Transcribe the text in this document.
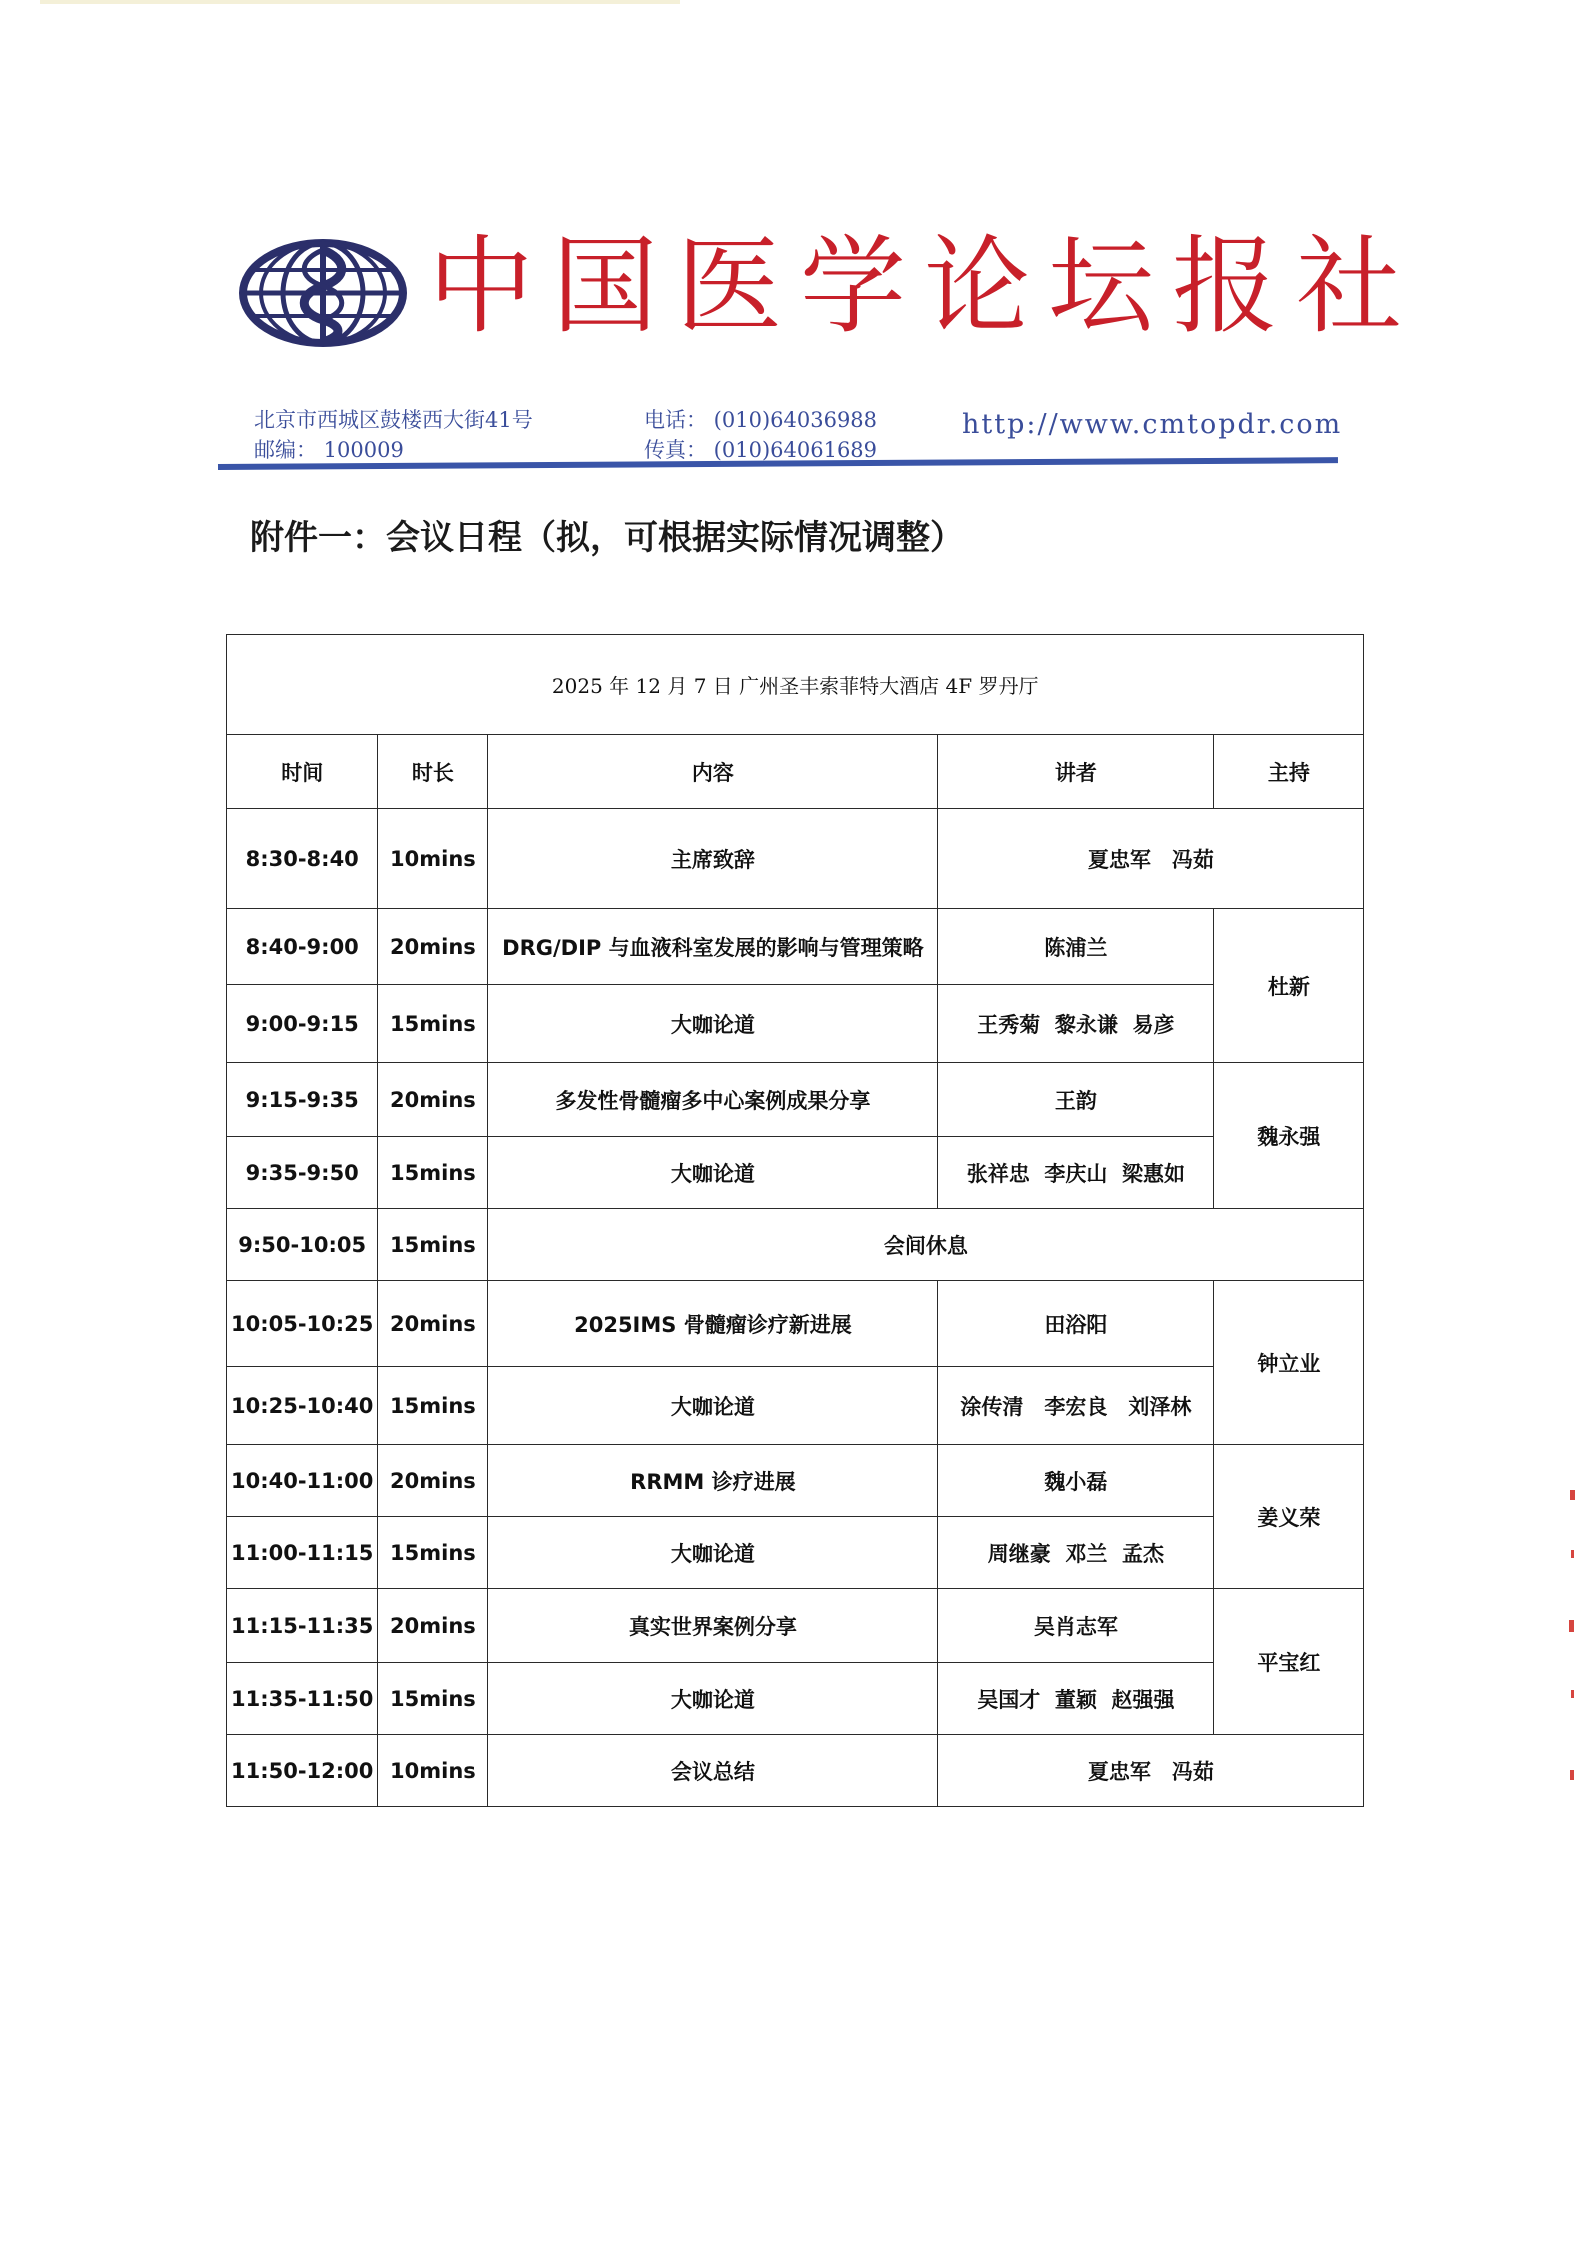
中国医学论坛报社
北京市西城区鼓楼西大街41号
邮编： 100009
电话： (010)64036988
传真： (010)64061689
http://www.cmtopdr.com
附件一：会议日程（拟，可根据实际情况调整）
2025 年 12 月 7 日 广州圣丰索菲特大酒店 4F 罗丹厅				
时间	时长	内容	讲者	主持
8:30-8:40	10mins	主席致辞	夏忠军　冯茹	
8:40-9:00	20mins	DRG/DIP 与血液科室发展的影响与管理策略	陈浦兰	杜新
9:00-9:15	15mins	大咖论道	王秀菊  黎永谦  易彦	
9:15-9:35	20mins	多发性骨髓瘤多中心案例成果分享	王韵	魏永强
9:35-9:50	15mins	大咖论道	张祥忠  李庆山  梁惠如	
9:50-10:05	15mins	会间休息		
10:05-10:25	20mins	2025IMS 骨髓瘤诊疗新进展	田浴阳	钟立业
10:25-10:40	15mins	大咖论道	涂传清　李宏良　刘泽林	
10:40-11:00	20mins	RRMM 诊疗进展	魏小磊	姜义荣
11:00-11:15	15mins	大咖论道	周继豪  邓兰  孟杰	
11:15-11:35	20mins	真实世界案例分享	吴肖志军	平宝红
11:35-11:50	15mins	大咖论道	吴国才  董颖  赵强强	
11:50-12:00	10mins	会议总结	夏忠军　冯茹	
